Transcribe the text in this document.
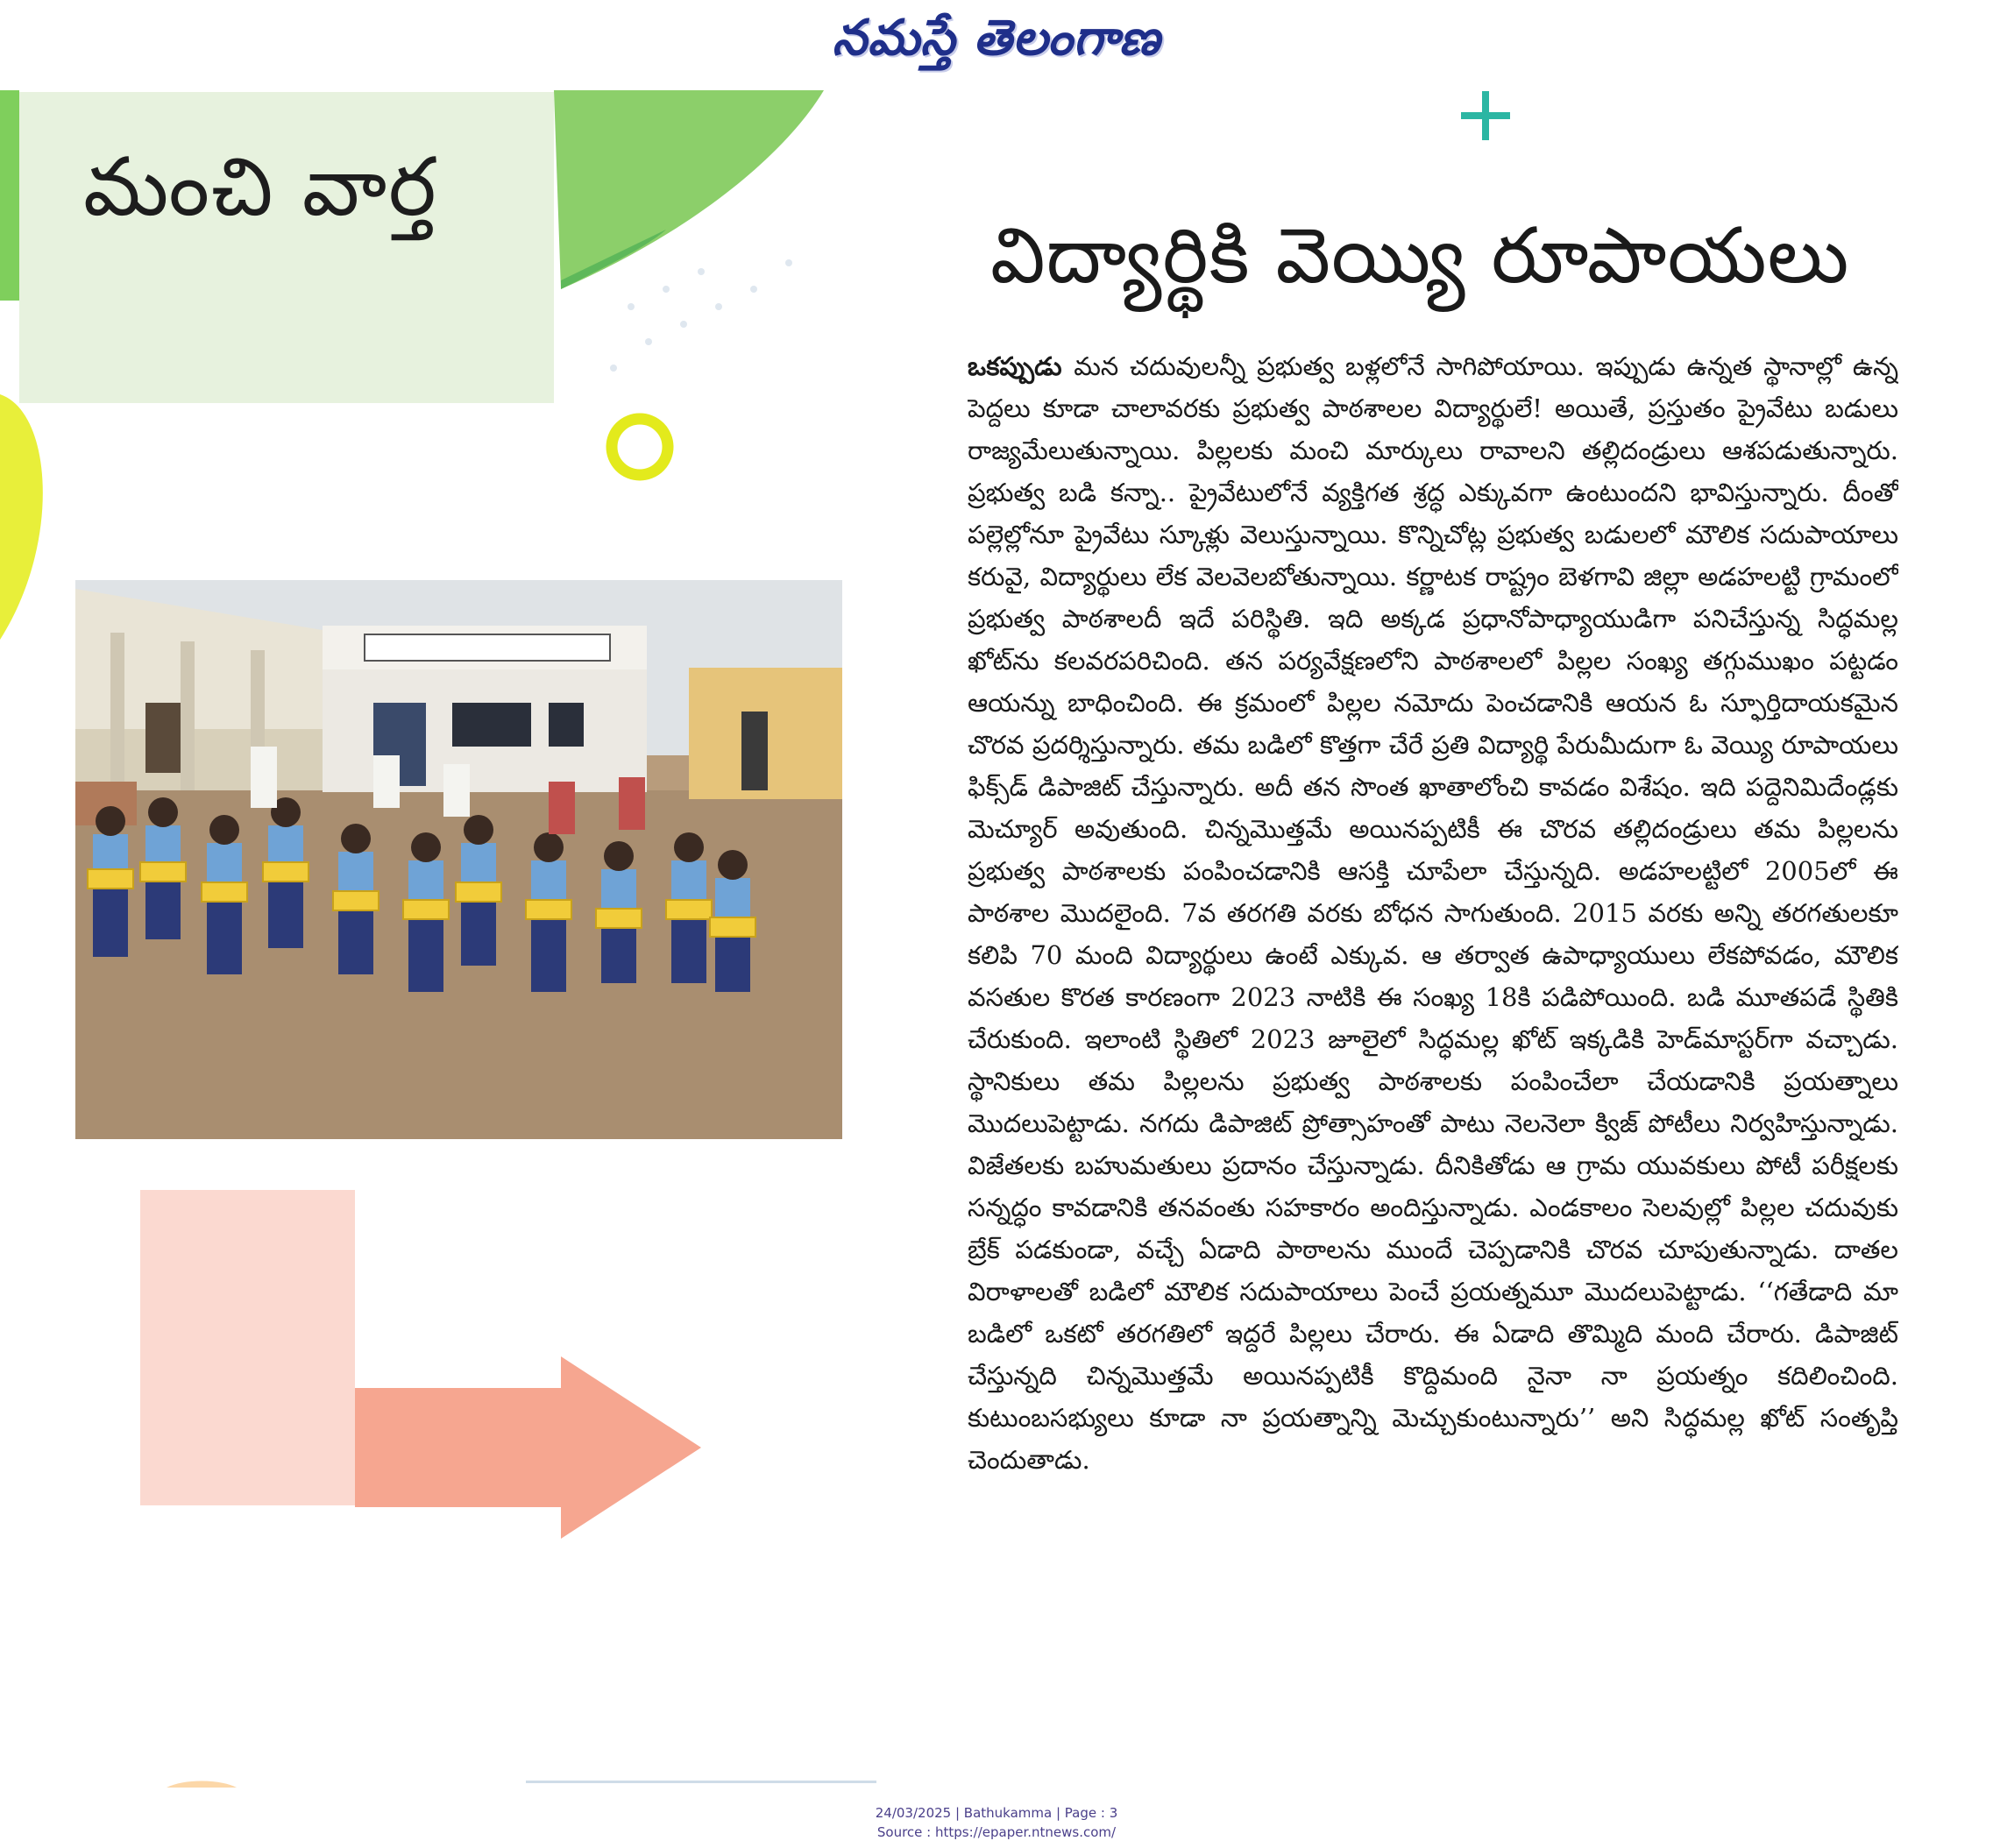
నమస్తే తెలంగాణ
మంచి వార్త
విద్యార్థికి వెయ్యి రూపాయలు
ఒకప్పుడు మన చదువులన్నీ ప్రభుత్వ బళ్లలోనే సాగిపోయాయి. ఇప్పుడు ఉన్నత స్థానాల్లో ఉన్న పెద్దలు కూడా చాలావరకు ప్రభుత్వ పాఠశాలల విద్యార్థులే! అయితే, ప్రస్తుతం ప్రైవేటు బడులు రాజ్యమేలుతున్నాయి. పిల్లలకు మంచి మార్కులు రావాలని తల్లిదండ్రులు ఆశపడుతున్నారు. ప్రభుత్వ బడి కన్నా.. ప్రైవేటులోనే వ్యక్తిగత శ్రద్ధ ఎక్కువగా ఉంటుందని భావిస్తున్నారు. దీంతో పల్లెల్లోనూ ప్రైవేటు స్కూళ్లు వెలుస్తున్నాయి. కొన్నిచోట్ల ప్రభుత్వ బడులలో మౌలిక సదుపాయాలు కరువై, విద్యార్థులు లేక వెలవెలబోతున్నాయి. కర్ణాటక రాష్ట్రం బెళగావి జిల్లా అడహలట్టి గ్రామంలో ప్రభుత్వ పాఠశాలదీ ఇదే పరిస్థితి. ఇది అక్కడ ప్రధానోపాధ్యాయుడిగా పనిచేస్తున్న సిద్ధమల్ల ఖోట్‌ను కలవరపరిచింది. తన పర్యవేక్షణలోని పాఠశాలలో పిల్లల సంఖ్య తగ్గుముఖం పట్టడం ఆయన్ను బాధించింది. ఈ క్రమంలో పిల్లల నమోదు పెంచడానికి ఆయన ఓ స్ఫూర్తిదాయకమైన చొరవ ప్రదర్శిస్తున్నారు. తమ బడిలో కొత్తగా చేరే ప్రతి విద్యార్థి పేరుమీదుగా ఓ వెయ్యి రూపాయలు ఫిక్స్‌డ్ డిపాజిట్ చేస్తున్నారు. అదీ తన సొంత ఖాతాలోంచి కావడం విశేషం. ఇది పద్దెనిమిదేండ్లకు మెచ్యూర్ అవుతుంది. చిన్నమొత్తమే అయినప్పటికీ ఈ చొరవ తల్లిదండ్రులు తమ పిల్లలను ప్రభుత్వ పాఠశాలకు పంపించడానికి ఆసక్తి చూపేలా చేస్తున్నది. అడహలట్టిలో 2005లో ఈ పాఠశాల మొదలైంది. 7వ తరగతి వరకు బోధన సాగుతుంది. 2015 వరకు అన్ని తరగతులకూ కలిపి 70 మంది విద్యార్థులు ఉంటే ఎక్కువ. ఆ తర్వాత ఉపాధ్యాయులు లేకపోవడం, మౌలిక వసతుల కొరత కారణంగా 2023 నాటికి ఈ సంఖ్య 18కి పడిపోయింది. బడి మూతపడే స్థితికి చేరుకుంది. ఇలాంటి స్థితిలో 2023 జూలైలో సిద్ధమల్ల ఖోట్ ఇక్కడికి హెడ్‌మాస్టర్‌గా వచ్చాడు. స్థానికులు తమ పిల్లలను ప్రభుత్వ పాఠశాలకు పంపించేలా చేయడానికి ప్రయత్నాలు మొదలుపెట్టాడు. నగదు డిపాజిట్ ప్రోత్సాహంతో పాటు నెలనెలా క్విజ్ పోటీలు నిర్వహిస్తున్నాడు. విజేతలకు బహుమతులు ప్రదానం చేస్తున్నాడు. దీనికితోడు ఆ గ్రామ యువకులు పోటీ పరీక్షలకు సన్నద్ధం కావడానికి తనవంతు సహకారం అందిస్తున్నాడు. ఎండకాలం సెలవుల్లో పిల్లల చదువుకు బ్రేక్ పడకుండా, వచ్చే ఏడాది పాఠాలను ముందే చెప్పడానికి చొరవ చూపుతున్నాడు. దాతల విరాళాలతో బడిలో మౌలిక సదుపాయాలు పెంచే ప్రయత్నమూ మొదలుపెట్టాడు. ‘‘గతేడాది మా బడిలో ఒకటో తరగతిలో ఇద్దరే పిల్లలు చేరారు. ఈ ఏడాది తొమ్మిది మంది చేరారు. డిపాజిట్ చేస్తున్నది చిన్నమొత్తమే అయినప్పటికీ కొద్దిమంది నైనా నా ప్రయత్నం కదిలించింది. కుటుంబసభ్యులు కూడా నా ప్రయత్నాన్ని మెచ్చుకుంటున్నారు’’ అని సిద్ధమల్ల ఖోట్ సంతృప్తి చెందుతాడు.
24/03/2025 | Bathukamma | Page : 3
Source : https://epaper.ntnews.com/
